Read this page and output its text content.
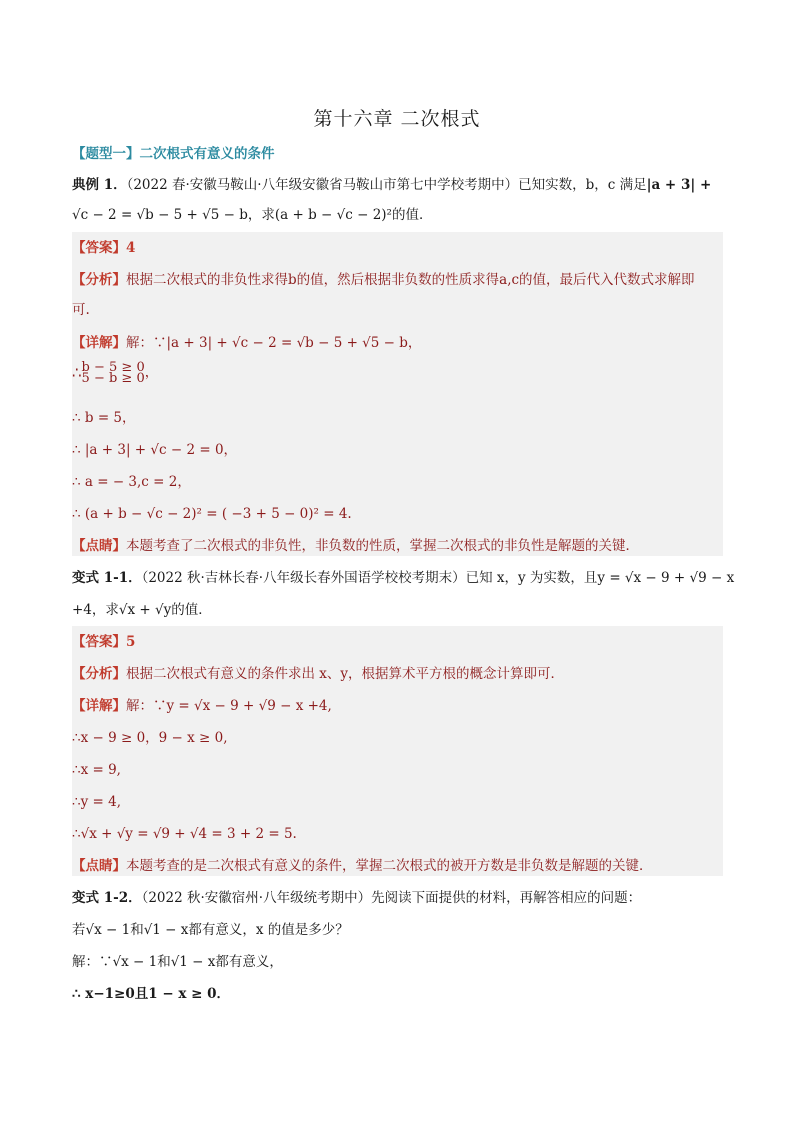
第十六章 二次根式
【题型一】二次根式有意义的条件
典例 1．（2022 春·安徽马鞍山·八年级安徽省马鞍山市第七中学校考期中）已知实数，b，c 满足|a + 3| +
√c − 2 = √b − 5 + √5 − b，求(a + b − √c − 2)²的值．
【答案】4
【分析】根据二次根式的非负性求得b的值，然后根据非负数的性质求得a,c的值，最后代入代数式求解即
可.
【详解】解：∵|a + 3| + √c − 2 = √b − 5 + √5 − b，
∴ b − 5 ≥ 0
5 − b ≥ 0 ，
∴ b = 5，
∴ |a + 3| + √c − 2 = 0，
∴ a = − 3,c = 2，
∴ (a + b − √c − 2)² = ( −3 + 5 − 0)² = 4.
【点睛】本题考查了二次根式的非负性，非负数的性质，掌握二次根式的非负性是解题的关键．
变式 1-1．（2022 秋·吉林长春·八年级长春外国语学校校考期末）已知 x，y 为实数，且y = √x − 9 + √9 − x
+4，求√x + √y的值．
【答案】5
【分析】根据二次根式有意义的条件求出 x、y，根据算术平方根的概念计算即可．
【详解】解：∵y = √x − 9 + √9 − x +4,
∴x − 9 ≥ 0，9 − x ≥ 0,
∴x = 9,
∴y = 4,
∴√x + √y = √9 + √4 = 3 + 2 = 5.
【点睛】本题考查的是二次根式有意义的条件，掌握二次根式的被开方数是非负数是解题的关键．
变式 1-2．（2022 秋·安徽宿州·八年级统考期中）先阅读下面提供的材料，再解答相应的问题：
若√x − 1和√1 − x都有意义，x 的值是多少？
解：∵√x − 1和√1 − x都有意义，
∴ x−1≥0且1 − x ≥ 0．
